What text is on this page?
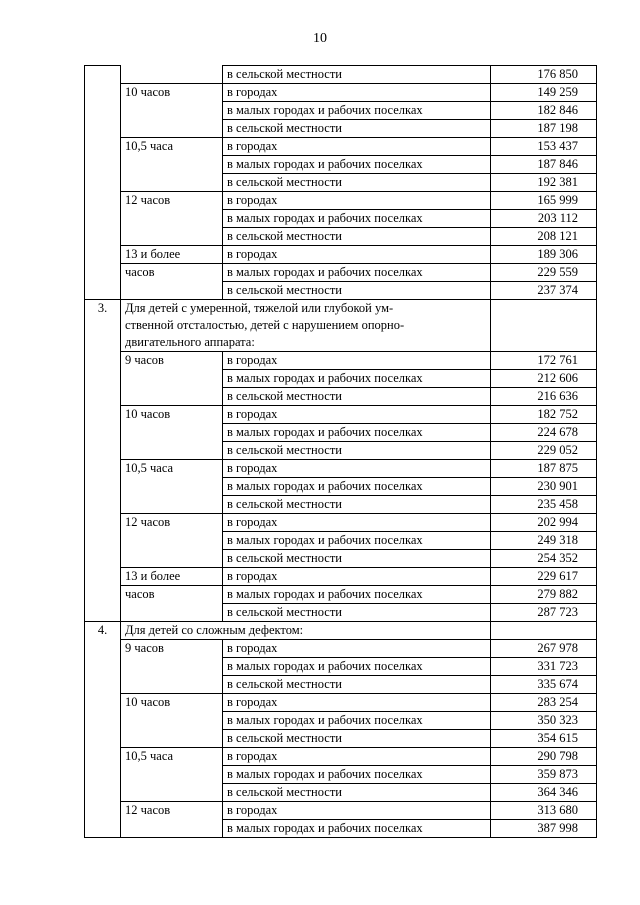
10
		в сельской местности	176 850
	10 часов	в городах	149 259
		в малых городах и рабочих поселках	182 846
		в сельской местности	187 198
	10,5 часа	в городах	153 437
		в малых городах и рабочих поселках	187 846
		в сельской местности	192 381
	12 часов	в городах	165 999
		в малых городах и рабочих поселках	203 112
		в сельской местности	208 121
	13 и более	в городах	189 306
	часов	в малых городах и рабочих поселках	229 559
		в сельской местности	237 374
3.	Для детей с умеренной, тяжелой или глубокой ум-
ственной отсталостью, детей с нарушением опорно-
двигательного аппарата:		

	9 часов	в городах	172 761
		в малых городах и рабочих поселках	212 606
		в сельской местности	216 636
	10 часов	в городах	182 752
		в малых городах и рабочих поселках	224 678
		в сельской местности	229 052
	10,5 часа	в городах	187 875
		в малых городах и рабочих поселках	230 901
		в сельской местности	235 458
	12 часов	в городах	202 994
		в малых городах и рабочих поселках	249 318
		в сельской местности	254 352
	13 и более	в городах	229 617
	часов	в малых городах и рабочих поселках	279 882
		в сельской местности	287 723
4.	Для детей со сложным дефектом:		

	9 часов	в городах	267 978
		в малых городах и рабочих поселках	331 723
		в сельской местности	335 674
	10 часов	в городах	283 254
		в малых городах и рабочих поселках	350 323
		в сельской местности	354 615
	10,5 часа	в городах	290 798
		в малых городах и рабочих поселках	359 873
		в сельской местности	364 346
	12 часов	в городах	313 680
		в малых городах и рабочих поселках	387 998
